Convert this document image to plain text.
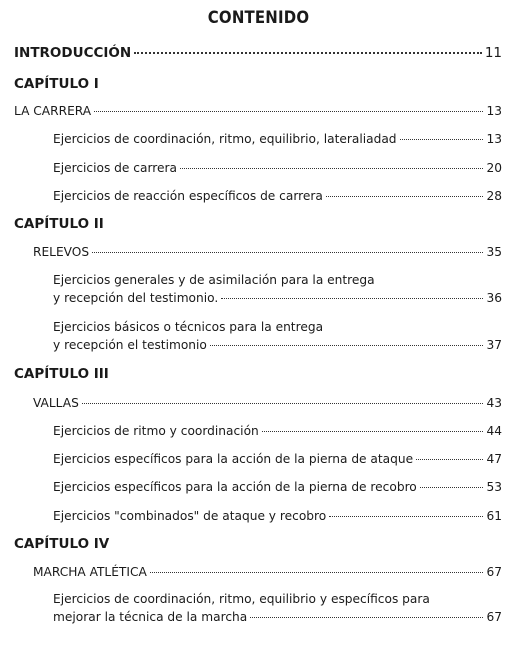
CONTENIDO
INTRODUCCIÓN	11
CAPÍTULO I
LA CARRERA	13
Ejercicios de coordinación, ritmo, equilibrio, lateraliadad	13
Ejercicios de carrera	20
Ejercicios de reacción específicos de carrera	28
CAPÍTULO II
RELEVOS	35
Ejercicios generales y de asimilación para la entrega
y recepción del testimonio.	36
Ejercicios básicos o técnicos para la entrega
y recepción el testimonio	37
CAPÍTULO III
VALLAS	43
Ejercicios de ritmo y coordinación	44
Ejercicios específicos para la acción de la pierna de ataque	47
Ejercicios específicos para la acción de la pierna de recobro	53
Ejercicios "combinados" de ataque y recobro	61
CAPÍTULO IV
MARCHA ATLÉTICA	67
Ejercicios de coordinación, ritmo, equilibrio y específicos para
mejorar la técnica de la marcha	67
